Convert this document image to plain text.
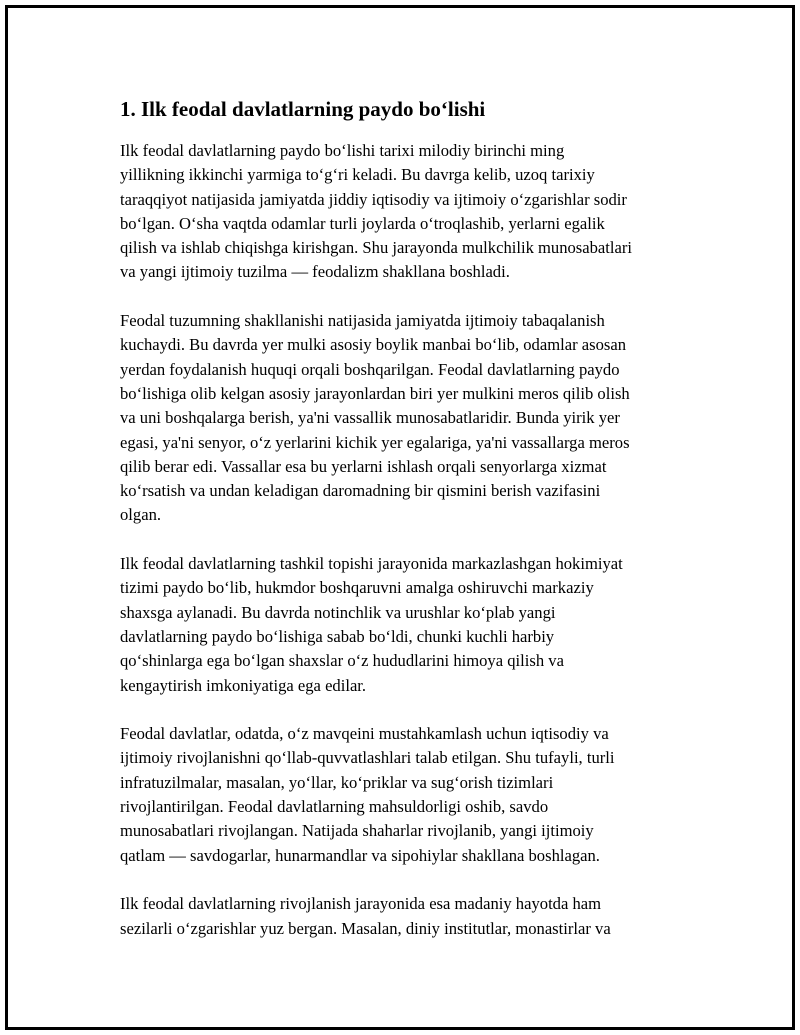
1. Ilk feodal davlatlarning paydo bo‘lishi

Ilk feodal davlatlarning paydo bo‘lishi tarixi milodiy birinchi ming
yillikning ikkinchi yarmiga to‘g‘ri keladi. Bu davrga kelib, uzoq tarixiy
taraqqiyot natijasida jamiyatda jiddiy iqtisodiy va ijtimoiy o‘zgarishlar sodir
bo‘lgan. O‘sha vaqtda odamlar turli joylarda o‘troqlashib, yerlarni egalik
qilish va ishlab chiqishga kirishgan. Shu jarayonda mulkchilik munosabatlari
va yangi ijtimoiy tuzilma — feodalizm shakllana boshladi.

Feodal tuzumning shakllanishi natijasida jamiyatda ijtimoiy tabaqalanish
kuchaydi. Bu davrda yer mulki asosiy boylik manbai bo‘lib, odamlar asosan
yerdan foydalanish huquqi orqali boshqarilgan. Feodal davlatlarning paydo
bo‘lishiga olib kelgan asosiy jarayonlardan biri yer mulkini meros qilib olish
va uni boshqalarga berish, ya'ni vassallik munosabatlaridir. Bunda yirik yer
egasi, ya'ni senyor, o‘z yerlarini kichik yer egalariga, ya'ni vassallarga meros
qilib berar edi. Vassallar esa bu yerlarni ishlash orqali senyorlarga xizmat
ko‘rsatish va undan keladigan daromadning bir qismini berish vazifasini
olgan.

Ilk feodal davlatlarning tashkil topishi jarayonida markazlashgan hokimiyat
tizimi paydo bo‘lib, hukmdor boshqaruvni amalga oshiruvchi markaziy
shaxsga aylanadi. Bu davrda notinchlik va urushlar ko‘plab yangi
davlatlarning paydo bo‘lishiga sabab bo‘ldi, chunki kuchli harbiy
qo‘shinlarga ega bo‘lgan shaxslar o‘z hududlarini himoya qilish va
kengaytirish imkoniyatiga ega edilar.

Feodal davlatlar, odatda, o‘z mavqeini mustahkamlash uchun iqtisodiy va
ijtimoiy rivojlanishni qo‘llab-quvvatlashlari talab etilgan. Shu tufayli, turli
infratuzilmalar, masalan, yo‘llar, ko‘priklar va sug‘orish tizimlari
rivojlantirilgan. Feodal davlatlarning mahsuldorligi oshib, savdo
munosabatlari rivojlangan. Natijada shaharlar rivojlanib, yangi ijtimoiy
qatlam — savdogarlar, hunarmandlar va sipohiylar shakllana boshlagan.

Ilk feodal davlatlarning rivojlanish jarayonida esa madaniy hayotda ham
sezilarli o‘zgarishlar yuz bergan. Masalan, diniy institutlar, monastirlar va
